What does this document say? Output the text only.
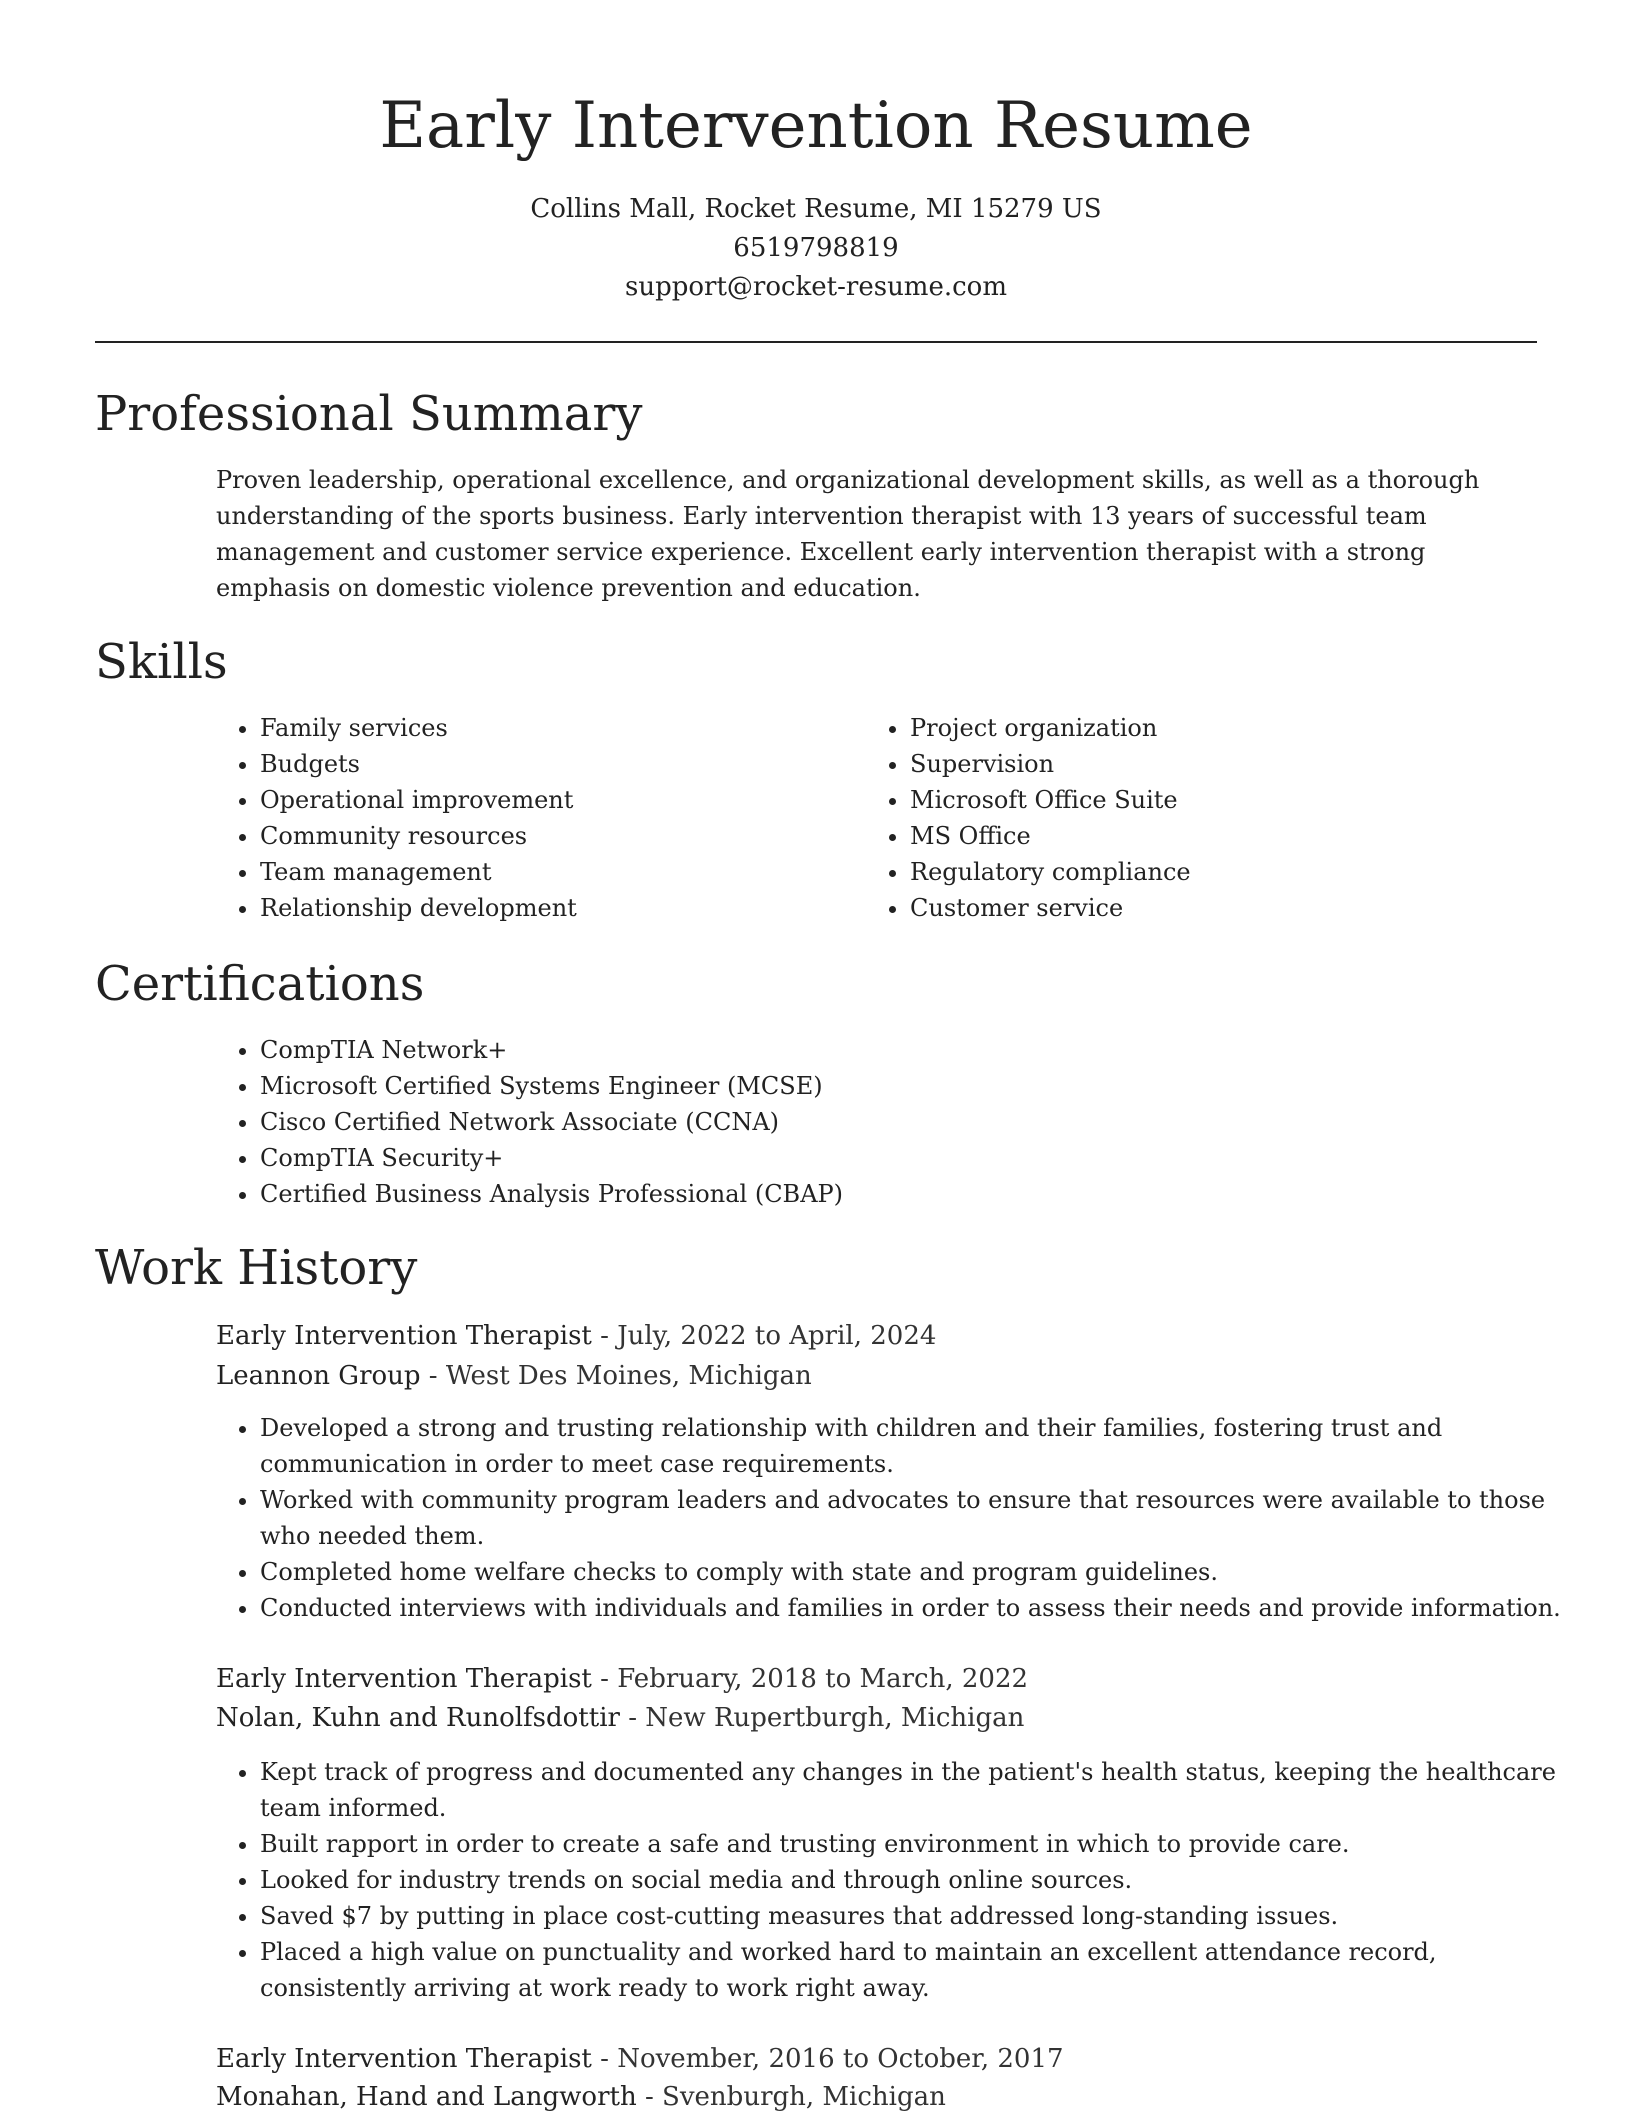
Early Intervention Resume
Collins Mall, Rocket Resume, MI 15279 US
6519798819
support@rocket-resume.com
Professional Summary

Proven leadership, operational excellence, and organizational development skills, as well as a thorough understanding of the sports business. Early intervention therapist with 13 years of successful team management and customer service experience. Excellent early intervention therapist with a strong emphasis on domestic violence prevention and education.

Skills
• Family services
• Budgets
• Operational improvement
• Community resources
• Team management
• Relationship development
• Project organization
• Supervision
• Microsoft Office Suite
• MS Office
• Regulatory compliance
• Customer service
Certifications
• CompTIA Network+
• Microsoft Certified Systems Engineer (MCSE)
• Cisco Certified Network Associate (CCNA)
• CompTIA Security+
• Certified Business Analysis Professional (CBAP)
Work History
Early Intervention Therapist - July, 2022 to April, 2024
Leannon Group - West Des Moines, Michigan
• Developed a strong and trusting relationship with children and their families, fostering trust and communication in order to meet case requirements.
• Worked with community program leaders and advocates to ensure that resources were available to those who needed them.
• Completed home welfare checks to comply with state and program guidelines.
• Conducted interviews with individuals and families in order to assess their needs and provide information.
Early Intervention Therapist - February, 2018 to March, 2022
Nolan, Kuhn and Runolfsdottir - New Rupertburgh, Michigan
• Kept track of progress and documented any changes in the patient's health status, keeping the healthcare team informed.
• Built rapport in order to create a safe and trusting environment in which to provide care.
• Looked for industry trends on social media and through online sources.
• Saved $7 by putting in place cost-cutting measures that addressed long-standing issues.
• Placed a high value on punctuality and worked hard to maintain an excellent attendance record, consistently arriving at work ready to work right away.
Early Intervention Therapist - November, 2016 to October, 2017
Monahan, Hand and Langworth - Svenburgh, Michigan
